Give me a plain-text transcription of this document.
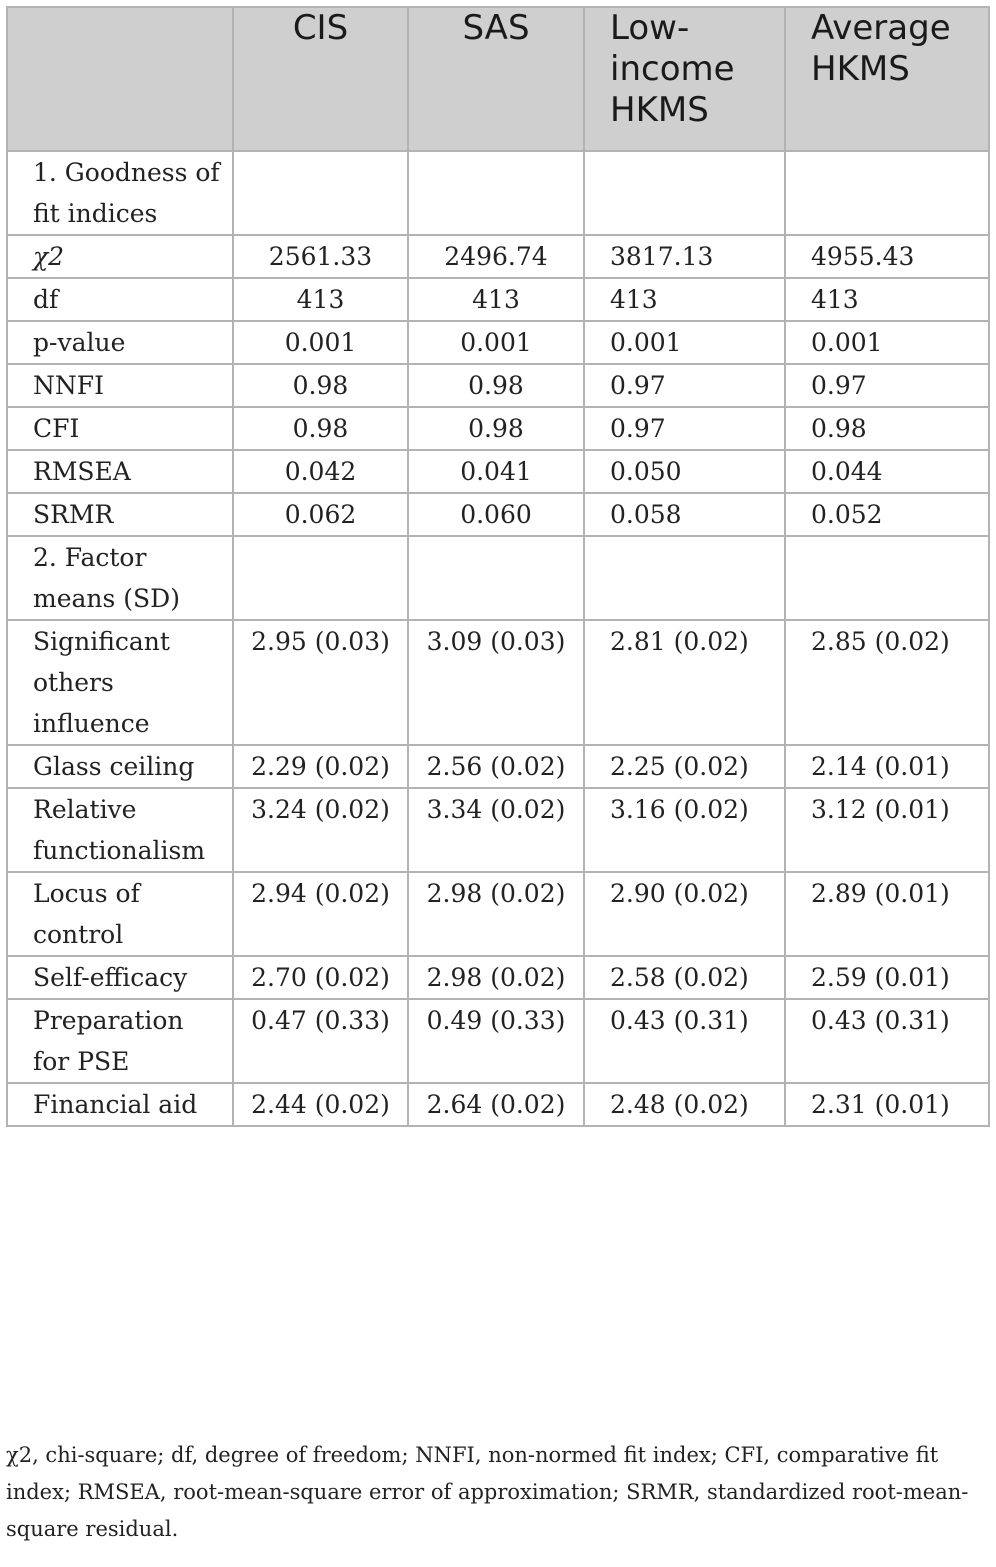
	CIS	SAS	Low-income HKMS	Average HKMS
1. Goodness of fit indices				
χ2	2561.33	2496.74	3817.13	4955.43
df	413	413	413	413
p-value	0.001	0.001	0.001	0.001
NNFI	0.98	0.98	0.97	0.97
CFI	0.98	0.98	0.97	0.98
RMSEA	0.042	0.041	0.050	0.044
SRMR	0.062	0.060	0.058	0.052
2. Factor means (SD)				
Significant others influence	2.95 (0.03)	3.09 (0.03)	2.81 (0.02)	2.85 (0.02)
Glass ceiling	2.29 (0.02)	2.56 (0.02)	2.25 (0.02)	2.14 (0.01)
Relative functionalism	3.24 (0.02)	3.34 (0.02)	3.16 (0.02)	3.12 (0.01)
Locus of control	2.94 (0.02)	2.98 (0.02)	2.90 (0.02)	2.89 (0.01)
Self-efficacy	2.70 (0.02)	2.98 (0.02)	2.58 (0.02)	2.59 (0.01)
Preparation for PSE	0.47 (0.33)	0.49 (0.33)	0.43 (0.31)	0.43 (0.31)
Financial aid	2.44 (0.02)	2.64 (0.02)	2.48 (0.02)	2.31 (0.01)
χ2, chi-square; df, degree of freedom; NNFI, non-normed fit index; CFI, comparative fit index; RMSEA, root-mean-square error of approximation; SRMR, standardized root-mean-square residual.
